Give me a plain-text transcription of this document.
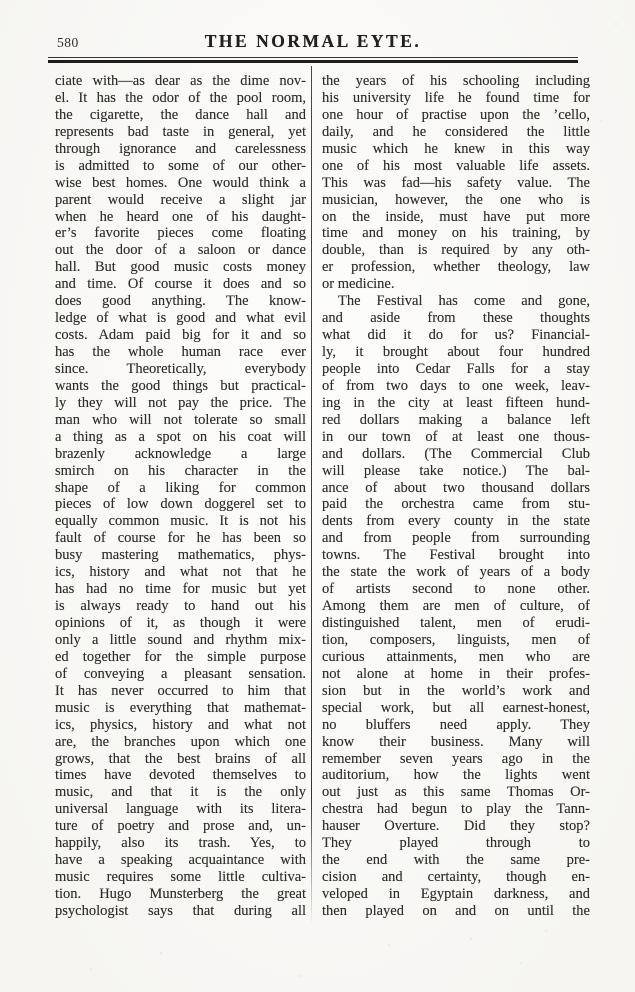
580	THE NORMAL EYTE.
ciate with—as dear as the dime nov-
el. It has the odor of the pool room,
the cigarette, the dance hall and
represents bad taste in general, yet
through ignorance and carelessness
is admitted to some of our other-
wise best homes. One would think a
parent would receive a slight jar
when he heard one of his daught-
er’s favorite pieces come floating
out the door of a saloon or dance
hall. But good music costs money
and time. Of course it does and so
does good anything. The know-
ledge of what is good and what evil
costs. Adam paid big for it and so
has the whole human race ever
since. Theoretically, everybody
wants the good things but practical-
ly they will not pay the price. The
man who will not tolerate so small
a thing as a spot on his coat will
brazenly acknowledge a large
smirch on his character in the
shape of a liking for common
pieces of low down doggerel set to
equally common music. It is not his
fault of course for he has been so
busy mastering mathematics, phys-
ics, history and what not that he
has had no time for music but yet
is always ready to hand out his
opinions of it, as though it were
only a little sound and rhythm mix-
ed together for the simple purpose
of conveying a pleasant sensation.
It has never occurred to him that
music is everything that mathemat-
ics, physics, history and what not
are, the branches upon which one
grows, that the best brains of all
times have devoted themselves to
music, and that it is the only
universal language with its litera-
ture of poetry and prose and, un-
happily, also its trash. Yes, to
have a speaking acquaintance with
music requires some little cultiva-
tion. Hugo Munsterberg the great
psychologist says that during all
the years of his schooling including
his university life he found time for
one hour of practise upon the ’cello,
daily, and he considered the little
music which he knew in this way
one of his most valuable life assets.
This was fad—his safety value. The
musician, however, the one who is
on the inside, must have put more
time and money on his training, by
double, than is required by any oth-
er profession, whether theology, law
or medicine.
The Festival has come and gone,
and aside from these thoughts
what did it do for us? Financial-
ly, it brought about four hundred
people into Cedar Falls for a stay
of from two days to one week, leav-
ing in the city at least fifteen hund-
red dollars making a balance left
in our town of at least one thous-
and dollars. (The Commercial Club
will please take notice.) The bal-
ance of about two thousand dollars
paid the orchestra came from stu-
dents from every county in the state
and from people from surrounding
towns. The Festival brought into
the state the work of years of a body
of artists second to none other.
Among them are men of culture, of
distinguished talent, men of erudi-
tion, composers, linguists, men of
curious attainments, men who are
not alone at home in their profes-
sion but in the world’s work and
special work, but all earnest-honest,
no bluffers need apply. They
know their business. Many will
remember seven years ago in the
auditorium, how the lights went
out just as this same Thomas Or-
chestra had begun to play the Tann-
hauser Overture. Did they stop?
They played through to
the end with the same pre-
cision and certainty, though en-
veloped in Egyptain darkness, and
then played on and on until the
